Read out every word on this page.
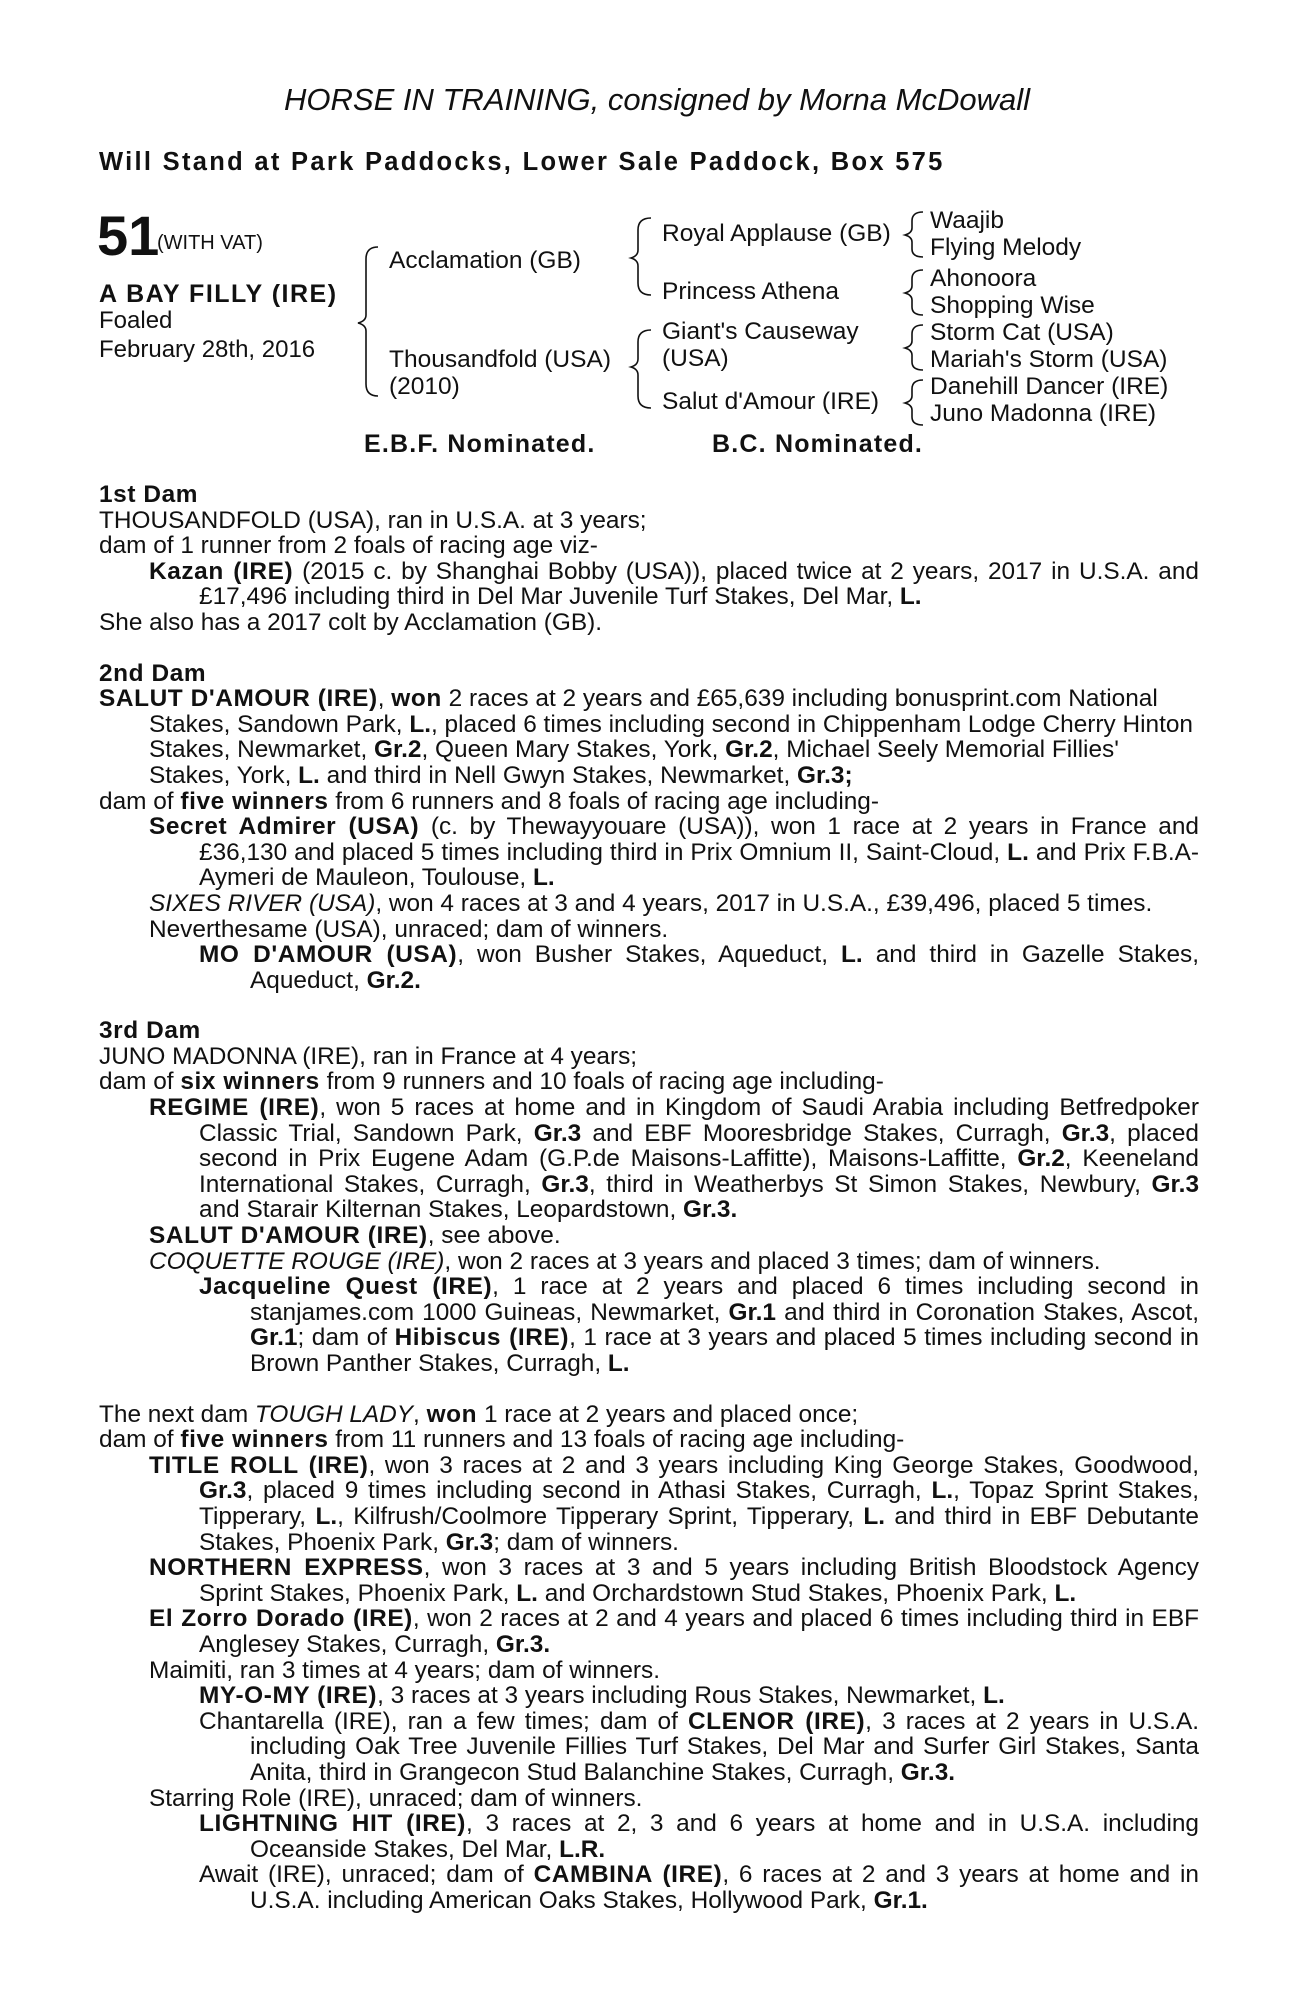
HORSE IN TRAINING, consigned by Morna McDowall
Will Stand at Park Paddocks, Lower Sale Paddock, Box 575
51
(WITH VAT)
A BAY FILLY (IRE)
Foaled
February 28th, 2016
Acclamation (GB)
Thousandfold (USA)
(2010)
Royal Applause (GB)
Princess Athena
Giant's Causeway
(USA)
Salut d'Amour (IRE)
Waajib
Flying Melody
Ahonoora
Shopping Wise
Storm Cat (USA)
Mariah's Storm (USA)
Danehill Dancer (IRE)
Juno Madonna (IRE)
E.B.F. Nominated.	B.C. Nominated.

1st Dam

THOUSANDFOLD (USA), ran in U.S.A. at 3 years;

dam of 1 runner from 2 foals of racing age viz-

Kazan (IRE) (2015 c. by Shanghai Bobby (USA)), placed twice at 2 years, 2017 in U.S.A. and £17,496 including third in Del Mar Juvenile Turf Stakes, Del Mar, L.

She also has a 2017 colt by Acclamation (GB).

2nd Dam

SALUT D'AMOUR (IRE), won 2 races at 2 years and £65,639 including bonusprint.com National Stakes, Sandown Park, L., placed 6 times including second in Chippenham Lodge Cherry Hinton Stakes, Newmarket, Gr.2, Queen Mary Stakes, York, Gr.2, Michael Seely Memorial Fillies' Stakes, York, L. and third in Nell Gwyn Stakes, Newmarket, Gr.3;

dam of five winners from 6 runners and 8 foals of racing age including-

Secret Admirer (USA) (c. by Thewayyouare (USA)), won 1 race at 2 years in France and £36,130 and placed 5 times including third in Prix Omnium II, Saint-Cloud, L. and Prix F.B.A-Aymeri de Mauleon, Toulouse, L.

SIXES RIVER (USA), won 4 races at 3 and 4 years, 2017 in U.S.A., £39,496, placed 5 times.

Neverthesame (USA), unraced; dam of winners.

MO D'AMOUR (USA), won Busher Stakes, Aqueduct, L. and third in Gazelle Stakes, Aqueduct, Gr.2.

3rd Dam

JUNO MADONNA (IRE), ran in France at 4 years;

dam of six winners from 9 runners and 10 foals of racing age including-

REGIME (IRE), won 5 races at home and in Kingdom of Saudi Arabia including Betfredpoker Classic Trial, Sandown Park, Gr.3 and EBF Mooresbridge Stakes, Curragh, Gr.3, placed second in Prix Eugene Adam (G.P.de Maisons-Laffitte), Maisons-Laffitte, Gr.2, Keeneland International Stakes, Curragh, Gr.3, third in Weatherbys St Simon Stakes, Newbury, Gr.3 and Starair Kilternan Stakes, Leopardstown, Gr.3.

SALUT D'AMOUR (IRE), see above.

COQUETTE ROUGE (IRE), won 2 races at 3 years and placed 3 times; dam of winners.

Jacqueline Quest (IRE), 1 race at 2 years and placed 6 times including second in stanjames.com 1000 Guineas, Newmarket, Gr.1 and third in Coronation Stakes, Ascot, Gr.1; dam of Hibiscus (IRE), 1 race at 3 years and placed 5 times including second in Brown Panther Stakes, Curragh, L.

The next dam TOUGH LADY, won 1 race at 2 years and placed once;

dam of five winners from 11 runners and 13 foals of racing age including-

TITLE ROLL (IRE), won 3 races at 2 and 3 years including King George Stakes, Goodwood, Gr.3, placed 9 times including second in Athasi Stakes, Curragh, L., Topaz Sprint Stakes, Tipperary, L., Kilfrush/Coolmore Tipperary Sprint, Tipperary, L. and third in EBF Debutante Stakes, Phoenix Park, Gr.3; dam of winners.

NORTHERN EXPRESS, won 3 races at 3 and 5 years including British Bloodstock Agency Sprint Stakes, Phoenix Park, L. and Orchardstown Stud Stakes, Phoenix Park, L.

El Zorro Dorado (IRE), won 2 races at 2 and 4 years and placed 6 times including third in EBF Anglesey Stakes, Curragh, Gr.3.

Maimiti, ran 3 times at 4 years; dam of winners.

MY-O-MY (IRE), 3 races at 3 years including Rous Stakes, Newmarket, L.

Chantarella (IRE), ran a few times; dam of CLENOR (IRE), 3 races at 2 years in U.S.A. including Oak Tree Juvenile Fillies Turf Stakes, Del Mar and Surfer Girl Stakes, Santa Anita, third in Grangecon Stud Balanchine Stakes, Curragh, Gr.3.

Starring Role (IRE), unraced; dam of winners.

LIGHTNING HIT (IRE), 3 races at 2, 3 and 6 years at home and in U.S.A. including Oceanside Stakes, Del Mar, L.R.

Await (IRE), unraced; dam of CAMBINA (IRE), 6 races at 2 and 3 years at home and in U.S.A. including American Oaks Stakes, Hollywood Park, Gr.1.
